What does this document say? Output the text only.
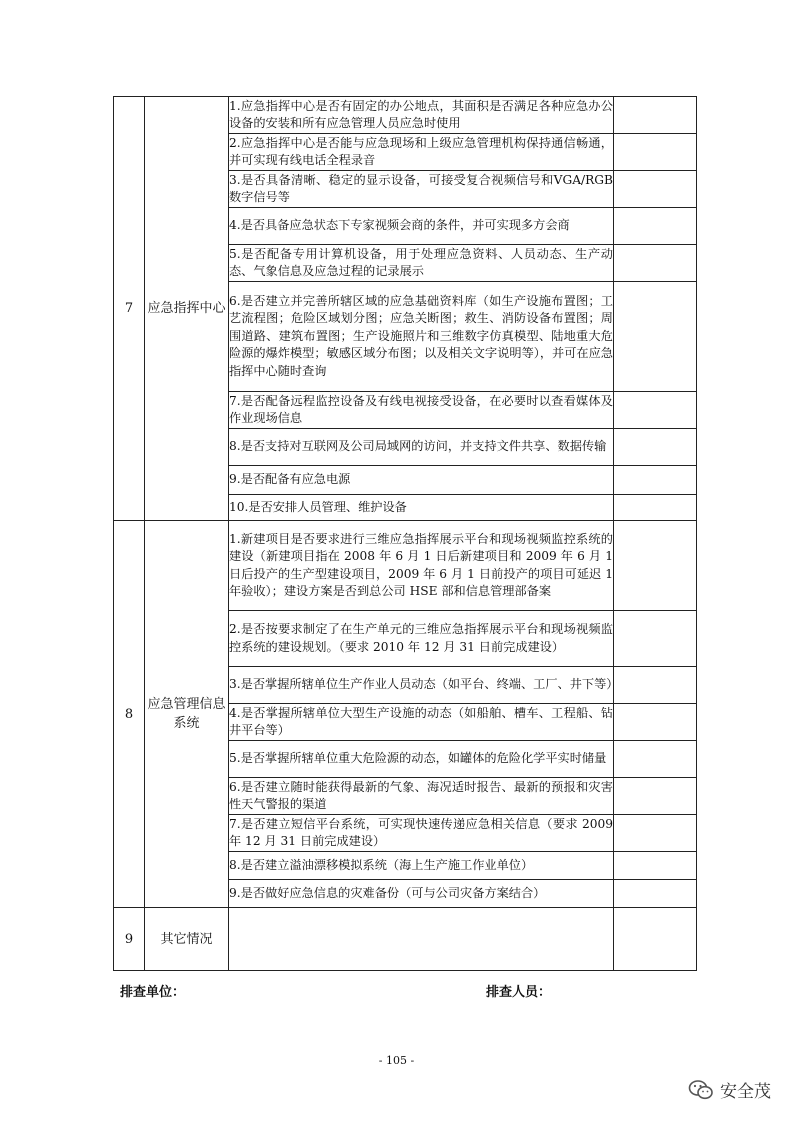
7	应急指挥中心	1.应急指挥中心是否有固定的办公地点，其面积是否满足各种应急办公设备的安装和所有应急管理人员应急时使用	
		2.应急指挥中心是否能与应急现场和上级应急管理机构保持通信畅通，并可实现有线电话全程录音	
		3.是否具备清晰、稳定的显示设备，可接受复合视频信号和VGA/RGB 数字信号等	
		4.是否具备应急状态下专家视频会商的条件，并可实现多方会商	
		5.是否配备专用计算机设备，用于处理应急资料、人员动态、生产动态、气象信息及应急过程的记录展示	
		6.是否建立并完善所辖区域的应急基础资料库（如生产设施布置图；工艺流程图；危险区域划分图；应急关断图；救生、消防设备布置图；周围道路、建筑布置图；生产设施照片和三维数字仿真模型、陆地重大危险源的爆炸模型；敏感区域分布图；以及相关文字说明等），并可在应急指挥中心随时查询	
		7.是否配备远程监控设备及有线电视接受设备，在必要时以查看媒体及作业现场信息	
		8.是否支持对互联网及公司局域网的访问，并支持文件共享、数据传输	
		9.是否配备有应急电源	
		10.是否安排人员管理、维护设备	
8	应急管理信息系统	1.新建项目是否要求进行三维应急指挥展示平台和现场视频监控系统的建设（新建项目指在 2008 年 6 月 1 日后新建项目和 2009 年 6 月 1 日后投产的生产型建设项目，2009 年 6 月 1 日前投产的项目可延迟 1 年验收）；建设方案是否到总公司 HSE 部和信息管理部备案	
		2.是否按要求制定了在生产单元的三维应急指挥展示平台和现场视频监控系统的建设规划。（要求 2010 年 12 月 31 日前完成建设）	
		3.是否掌握所辖单位生产作业人员动态（如平台、终端、工厂、井下等）	
		4.是否掌握所辖单位大型生产设施的动态（如船舶、槽车、工程船、钻井平台等）	
		5.是否掌握所辖单位重大危险源的动态，如罐体的危险化学平实时储量	
		6.是否建立随时能获得最新的气象、海况适时报告、最新的预报和灾害性天气警报的渠道	
		7.是否建立短信平台系统，可实现快速传递应急相关信息（要求 2009 年 12 月 31 日前完成建设）	
		8.是否建立溢油漂移模拟系统（海上生产施工作业单位）	
		9.是否做好应急信息的灾难备份（可与公司灾备方案结合）	
9	其它情况		
排查单位：	排查人员：
- 105 -
安全茂
